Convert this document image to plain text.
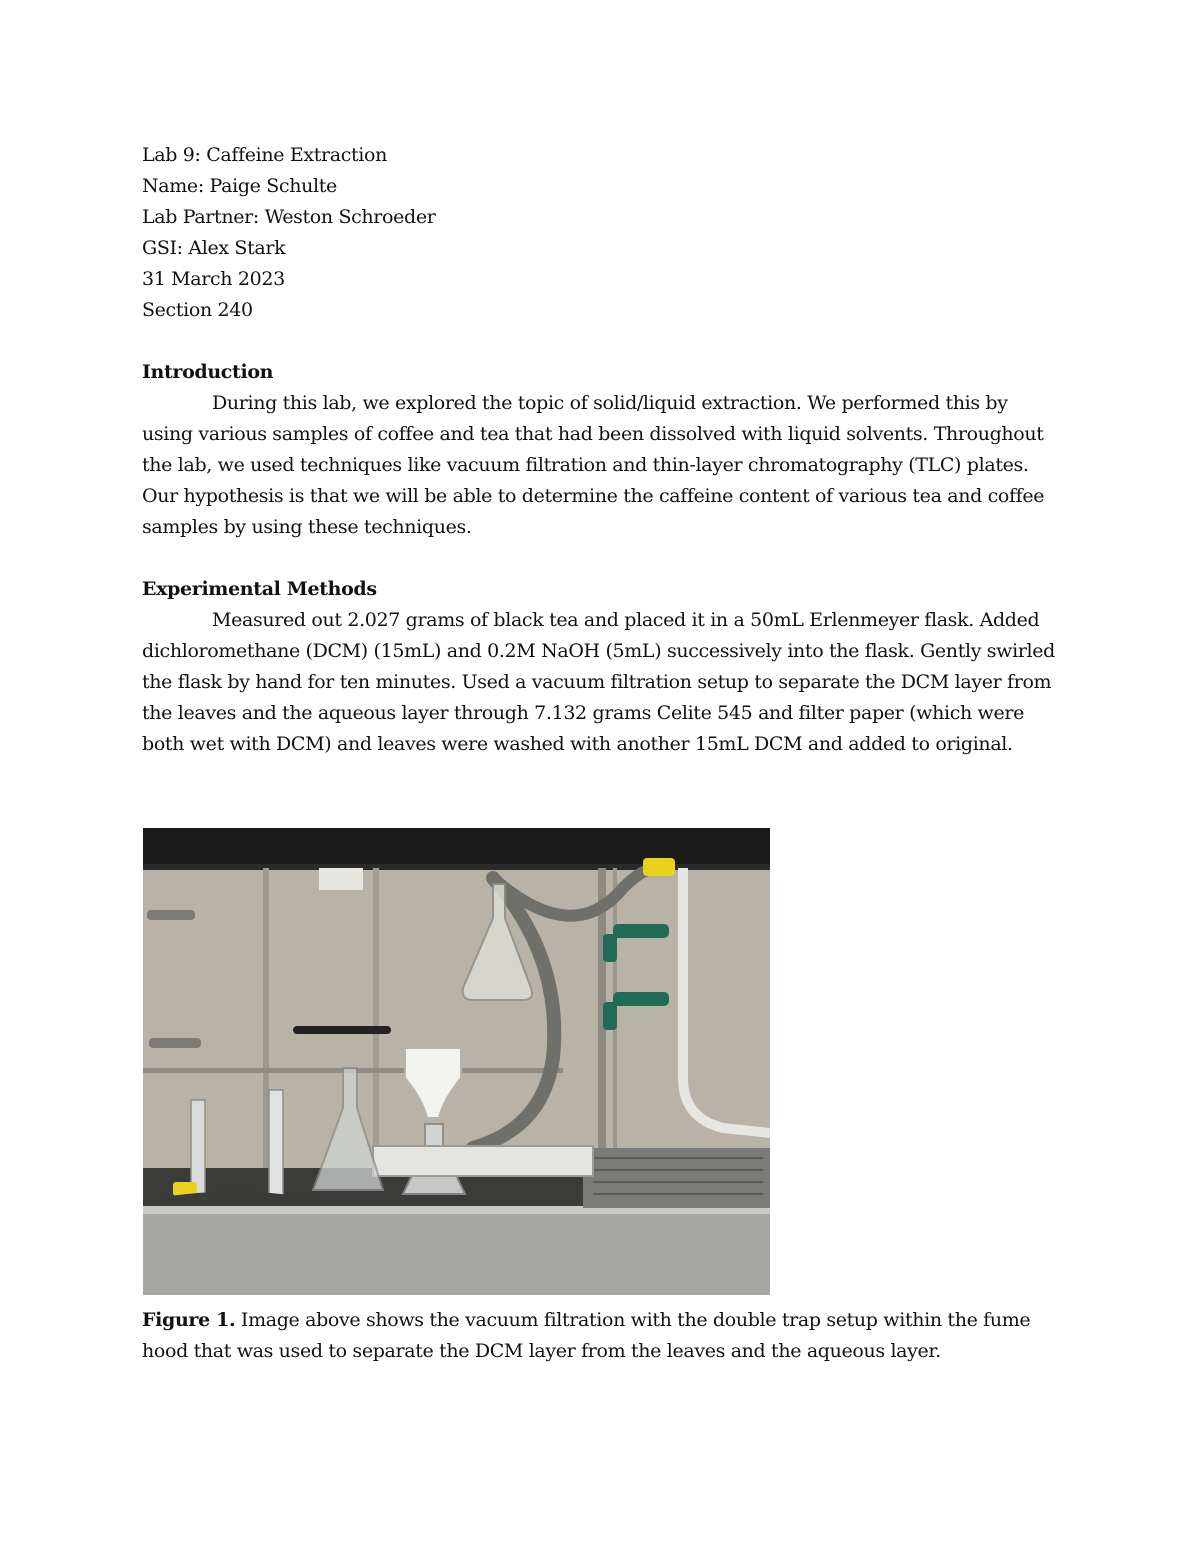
Lab 9: Caffeine Extraction
Name: Paige Schulte
Lab Partner: Weston Schroeder
GSI: Alex Stark
31 March 2023
Section 240
Introduction

During this lab, we explored the topic of solid/liquid extraction. We performed this by using various samples of coffee and tea that had been dissolved with liquid solvents. Throughout the lab, we used techniques like vacuum filtration and thin-layer chromatography (TLC) plates. Our hypothesis is that we will be able to determine the caffeine content of various tea and coffee samples by using these techniques.

Experimental Methods

Measured out 2.027 grams of black tea and placed it in a 50mL Erlenmeyer flask. Added dichloromethane (DCM) (15mL) and 0.2M NaOH (5mL) successively into the flask. Gently swirled the flask by hand for ten minutes. Used a vacuum filtration setup to separate the DCM layer from the leaves and the aqueous layer through 7.132 grams Celite 545 and filter paper (which were both wet with DCM) and leaves were washed with another 15mL DCM and added to original.

Figure 1. Image above shows the vacuum filtration with the double trap setup within the fume hood that was used to separate the DCM layer from the leaves and the aqueous layer.
